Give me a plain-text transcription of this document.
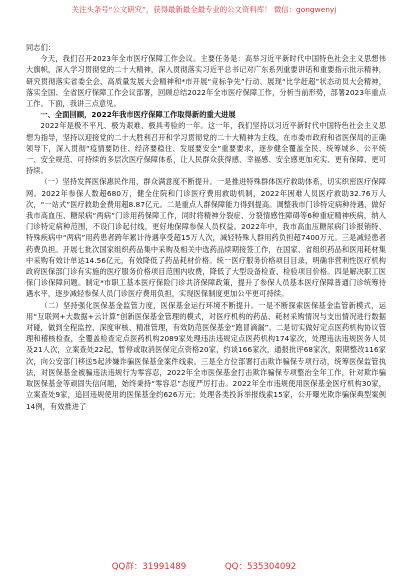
关注头条号“公文研究”，获得最新最全最专业的公文资料库！ 微信：gongwenyj

同志们：

今天，我们召开2023年全市医疗保障工作会议。主要任务是：高举习近平新时代中国特色社会主义思想伟大旗帜，深入学习贯彻党的二十大精神，深入贯彻落实习近平总书记对广东系列重要讲话和重要指示批示精神，研究贯彻落实省委全会、高质量发展大会精神和*市开展“竞标争先”行动、展现“比学赶超”状态动员大会精神，落实全国、全省医疗保障工作会议部署，回顾总结2022年全市医疗保障工作，分析当前形势，部署2023年重点工作。下面，我讲三点意见。

一、全面回顾，2022年我市医疗保障工作取得新的重大进展

2022年是极不平凡、极为艰难、极具考验的一年。这一年，我们坚持以习近平新时代中国特色社会主义思想为指导，坚持以迎接党的二十大胜利召开和学习贯彻党的二十大精神为主线，在市委市政府和省医保局的正确领导下，深入贯彻“疫情要防住、经济要稳住、发展要安全”重要要求，逐步健全覆盖全民、统筹城乡、公平统一、安全规范、可持续的多层次医疗保障体系，让人民群众获得感、幸福感、安全感更加充实、更有保障、更可持续。

（一）坚持发挥医保惠民作用，群众满意度不断提升。一是推进特殊群体医疗救助体系，切实织密医疗保障网。2022年参保人数超680万，健全住院和门诊医疗费用救助机制，2022年困难人员医疗救助32.76万人次，“一站式”医疗救助金费用超8.87亿元。二是重点人群保障能力得到提高。调整我市门诊特定病种待遇，做好我市高血压、糖尿病“两病”门诊用药保障工作，同时将精神分裂症、分裂情感性障碍等6种重症精神疾病，纳入门诊特定病种范围，不设门诊起付线，更好地保障参保人员权益。2022年中，我市高血压糖尿病门诊报销特、特殊疾病中“两病”用药患者跨年累计待遇享受超15万人次，减轻特殊人群用药负担超7400万元。三是减轻患者药费负担。开展七批次国家组织药品集中采购及相关中选药品续期接签工作，在国家、省组织药品和医用耗材集中采购有效计单达14.56亿元，有效降低了药品耗材价格。统一医疗服务价格项目目录，明确非营利性医疗机构政府医保部门诊有实施的医疗服务价格项目范围内收费，降低了大型设备检查、检验项目价格。四是解决职工医保门诊保障问题。制定*市职工基本医疗保险门诊共济保障政策，提升了参保人员基本医疗保障普通门诊统筹待遇水平，逐步减轻参保人员门诊医疗费用负担，实现医保制度更加公平更可持续。

（二）坚持强化医保基金监管力度，医保基金运行环境不断提升。一是不断探索医保基金监管新模式，运用“互联网+大数据+云计算”创新医保基金管理的模式，对医疗机构的药品、耗材采购情况与支出情况进行数据对碰，做到全程监控、深度审核、精准管理，有效防范医保基金“跑冒滴漏”。二是切实做好定点医药机构协议管理和稽核检查，全覆盖检查定点医药机构2089家处理违法违规定点医药机构174家次，处理违法违规医务人员及21人次，立案查处22起，暂停或取消医保定点资格20家，约谈166家次，通报批评68家次，限期整改116家次，向公安部门移送5起涉嫌诈骗医保基金案件线索。三是全方位部署打击欺诈骗保专项行动，统筹医保监管执法，对医保基金被骗违法违规行为零容忍，2022年全市医保基金打击欺诈骗保专项整治全年工作，针对欺诈骗取医保基金等顽固失信问题，始终秉持“零容忍”态度严厉打击。2022年全市违规使用医保基金医疗机构30家，立案查处9家，追回违规使用的医保基金约626万元；处理各类投诉举报线索15家，公开曝光欺诈骗保典型案例14例，有效推进了

QQ群：31991489	QQ：535304092
